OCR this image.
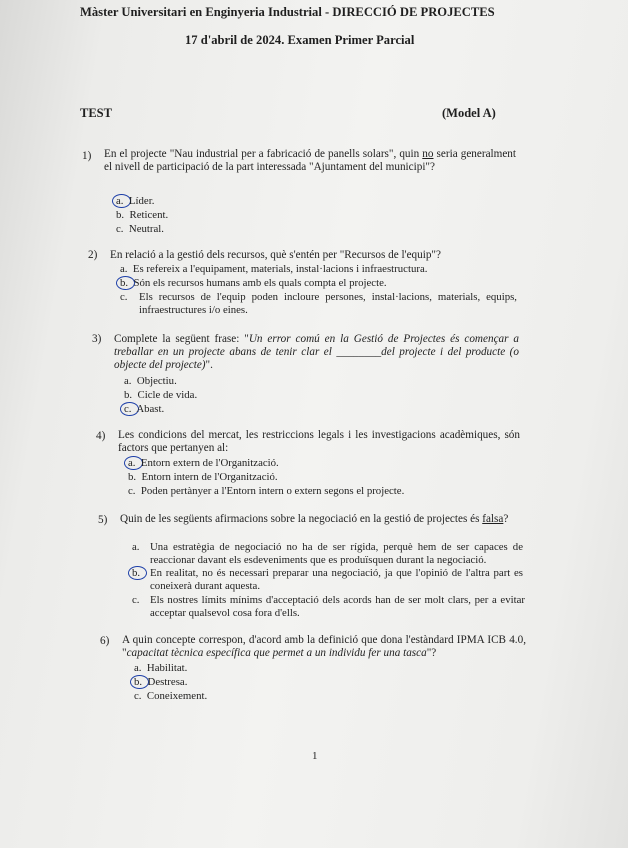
Màster Universitari en Enginyeria Industrial - DIRECCIÓ DE PROJECTES
17 d'abril de 2024. Examen Primer Parcial
TEST	(Model A)
1) En el projecte "Nau industrial per a fabricació de panells solars", quin no seria generalment el nivell de participació de la part interessada "Ajuntament del municipi"?
a. Líder.
b. Reticent.
c. Neutral.
2) En relació a la gestió dels recursos, què s'entén per "Recursos de l'equip"?
a. Es refereix a l'equipament, materials, instal·lacions i infraestructura.
b. Són els recursos humans amb els quals compta el projecte.
c. Els recursos de l'equip poden incloure persones, instal·lacions, materials, equips, infraestructures i/o eines.
3) Complete la següent frase: "Un error comú en la Gestió de Projectes és començar a treballar en un projecte abans de tenir clar el ________del projecte i del producte (o objecte del projecte)".
a. Objectiu.
b. Cicle de vida.
c. Abast.
4) Les condicions del mercat, les restriccions legals i les investigacions acadèmiques, són factors que pertanyen al:
a. Entorn extern de l'Organització.
b. Entorn intern de l'Organització.
c. Poden pertànyer a l'Entorn intern o extern segons el projecte.
5) Quin de les següents afirmacions sobre la negociació en la gestió de projectes és falsa?
a. Una estratègia de negociació no ha de ser rígida, perquè hem de ser capaces de reaccionar davant els esdeveniments que es produïsquen durant la negociació.
b. En realitat, no és necessari preparar una negociació, ja que l'opinió de l'altra part es coneixerà durant aquesta.
c. Els nostres límits mínims d'acceptació dels acords han de ser molt clars, per a evitar acceptar qualsevol cosa fora d'ells.
6) A quin concepte correspon, d'acord amb la definició que dona l'estàndard IPMA ICB 4.0, "capacitat tècnica específica que permet a un individu fer una tasca"?
a. Habilitat.
b. Destresa.
c. Coneixement.
1
